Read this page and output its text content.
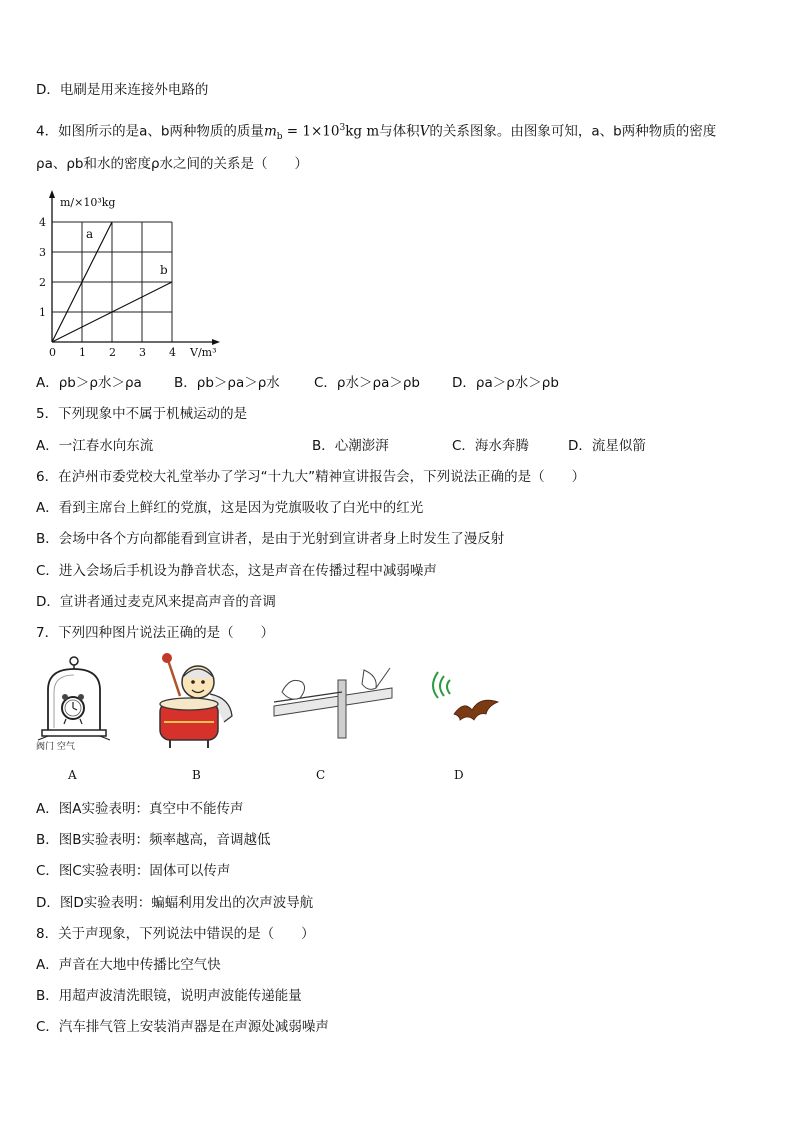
D．电刷是用来连接外电路的
4．如图所示的是a、b两种物质的质量$m_b = 1\times 10^3kg$ m与体积V的关系图象。由图象可知，a、b两种物质的密度
ρa、ρb和水的密度ρ水之间的关系是（　　）
0 1 2 3 4
1
2
3
4
a
b
m/×10³kg
V/m³
A．ρb＞ρ水＞ρa B．ρb＞ρa＞ρ水	C．ρ水＞ρa＞ρb D．ρa＞ρ水＞ρb
5．下列现象中不属于机械运动的是
A．一江春水向东流	B．心潮澎湃	C．海水奔腾	D．流星似箭
6．在泸州市委党校大礼堂举办了学习“十九大”精神宣讲报告会，下列说法正确的是（　　）
A．看到主席台上鲜红的党旗，这是因为党旗吸收了白光中的红光
B．会场中各个方向都能看到宣讲者，是由于光射到宣讲者身上时发生了漫反射
C．进入会场后手机设为静音状态，这是声音在传播过程中减弱噪声
D．宣讲者通过麦克风来提高声音的音调
7．下列四种图片说法正确的是（　　）
阀门 空气
A	B	C	D
A．图A实验表明：真空中不能传声
B．图B实验表明：频率越高，音调越低
C．图C实验表明：固体可以传声
D．图D实验表明：蝙蝠利用发出的次声波导航
8．关于声现象，下列说法中错误的是（　　）
A．声音在大地中传播比空气快
B．用超声波清洗眼镜，说明声波能传递能量
C．汽车排气管上安装消声器是在声源处减弱噪声
